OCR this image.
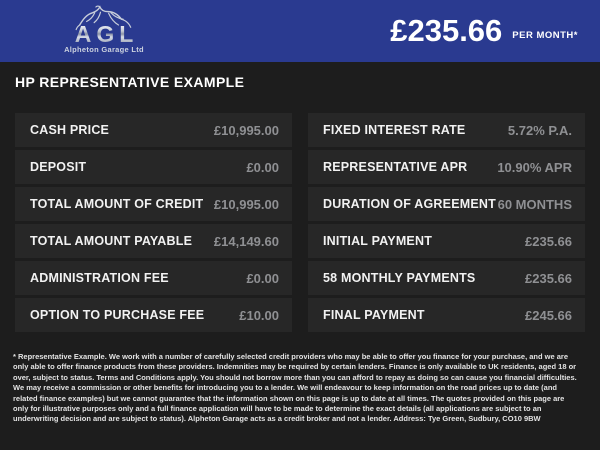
AGL
Alpheton Garage Ltd
£235.66 PER MONTH*
HP REPRESENTATIVE EXAMPLE
CASH PRICE	£10,995.00
DEPOSIT	£0.00
TOTAL AMOUNT OF CREDIT £10,995.00
TOTAL AMOUNT PAYABLE £14,149.60
ADMINISTRATION FEE	£0.00
OPTION TO PURCHASE FEE	£10.00
FIXED INTEREST RATE	5.72% P.A.
REPRESENTATIVE APR 10.90% APR
DURATION OF AGREEMENT 60 MONTHS
INITIAL PAYMENT	£235.66
58 MONTHLY PAYMENTS	£235.66
FINAL PAYMENT	£245.66
* Representative Example. We work with a number of carefully selected credit providers who may be able to offer you finance for your purchase, and we are only able to offer finance products from these providers. Indemnities may be required by certain lenders. Finance is only available to UK residents, aged 18 or over, subject to status. Terms and Conditions apply. You should not borrow more than you can afford to repay as doing so can cause you financial difficulties. We may receive a commission or other benefits for introducing you to a lender. We will endeavour to keep information on the road prices up to date (and related finance examples) but we cannot guarantee that the information shown on this page is up to date at all times. The quotes provided on this page are only for illustrative purposes only and a full finance application will have to be made to determine the exact details (all applications are subject to an underwriting decision and are subject to status). Alpheton Garage acts as a credit broker and not a lender. Address: Tye Green, Sudbury, CO10 9BW
